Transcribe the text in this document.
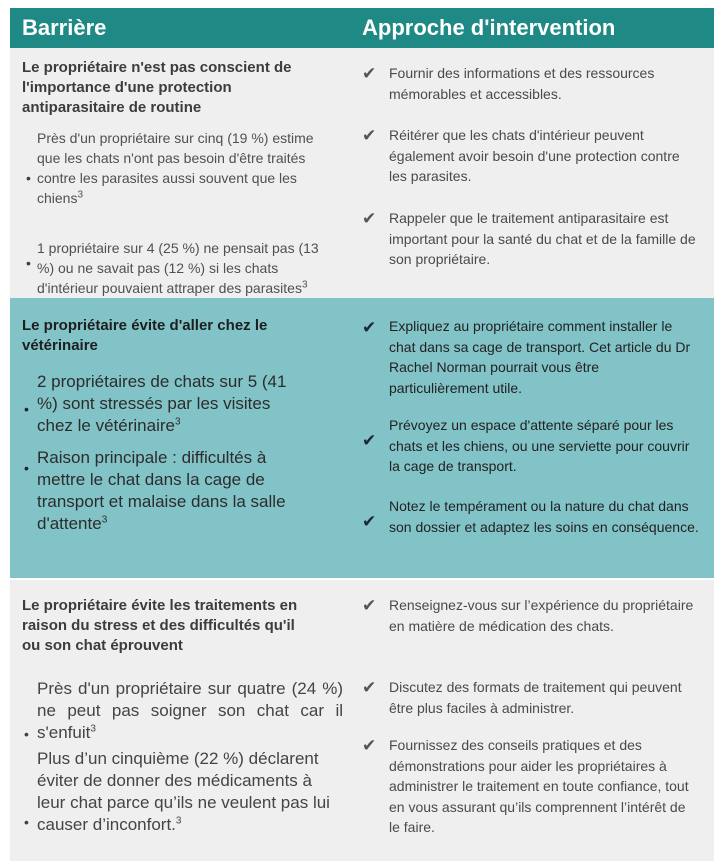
Barrière	Approche d'intervention
Le propriétaire n'est pas conscient de l'importance d'une protection antiparasitaire de routine
Près d'un propriétaire sur cinq (19 %) estime que les chats n'ont pas besoin d'être traités contre les parasites aussi souvent que les chiens$^3$
•
1 propriétaire sur 4 (25 %) ne pensait pas (13 %) ou ne savait pas (12 %) si les chats d'intérieur pouvaient attraper des parasites$^3$
•
✔ Fournir des informations et des ressources mémorables et accessibles.
✔ Réitérer que les chats d'intérieur peuvent également avoir besoin d'une protection contre les parasites.
✔ Rappeler que le traitement antiparasitaire est important pour la santé du chat et de la famille de son propriétaire.
Le propriétaire évite d'aller chez le vétérinaire
2 propriétaires de chats sur 5 (41 %) sont stressés par les visites chez le vétérinaire$^3$
•
Raison principale : difficultés à mettre le chat dans la cage de transport et malaise dans la salle d'attente$^3$
•
✔ Expliquez au propriétaire comment installer le chat dans sa cage de transport. Cet article du Dr Rachel Norman pourrait vous être particulièrement utile.
✔
Prévoyez un espace d'attente séparé pour les chats et les chiens, ou une serviette pour couvrir la cage de transport.
✔
Notez le tempérament ou la nature du chat dans son dossier et adaptez les soins en conséquence.
Le propriétaire évite les traitements en raison du stress et des difficultés qu'il ou son chat éprouvent
Près d'un propriétaire sur quatre (24 %) ne peut pas soigner son chat car il s'enfuit$^3$
•
Plus d’un cinquième (22 %) déclarent éviter de donner des médicaments à leur chat parce qu’ils ne veulent pas lui causer d’inconfort.$^3$
•
✔ Renseignez-vous sur l’expérience du propriétaire en matière de médication des chats.
✔ Discutez des formats de traitement qui peuvent être plus faciles à administrer.
✔ Fournissez des conseils pratiques et des démonstrations pour aider les propriétaires à administrer le traitement en toute confiance, tout en vous assurant qu’ils comprennent l’intérêt de le faire.
